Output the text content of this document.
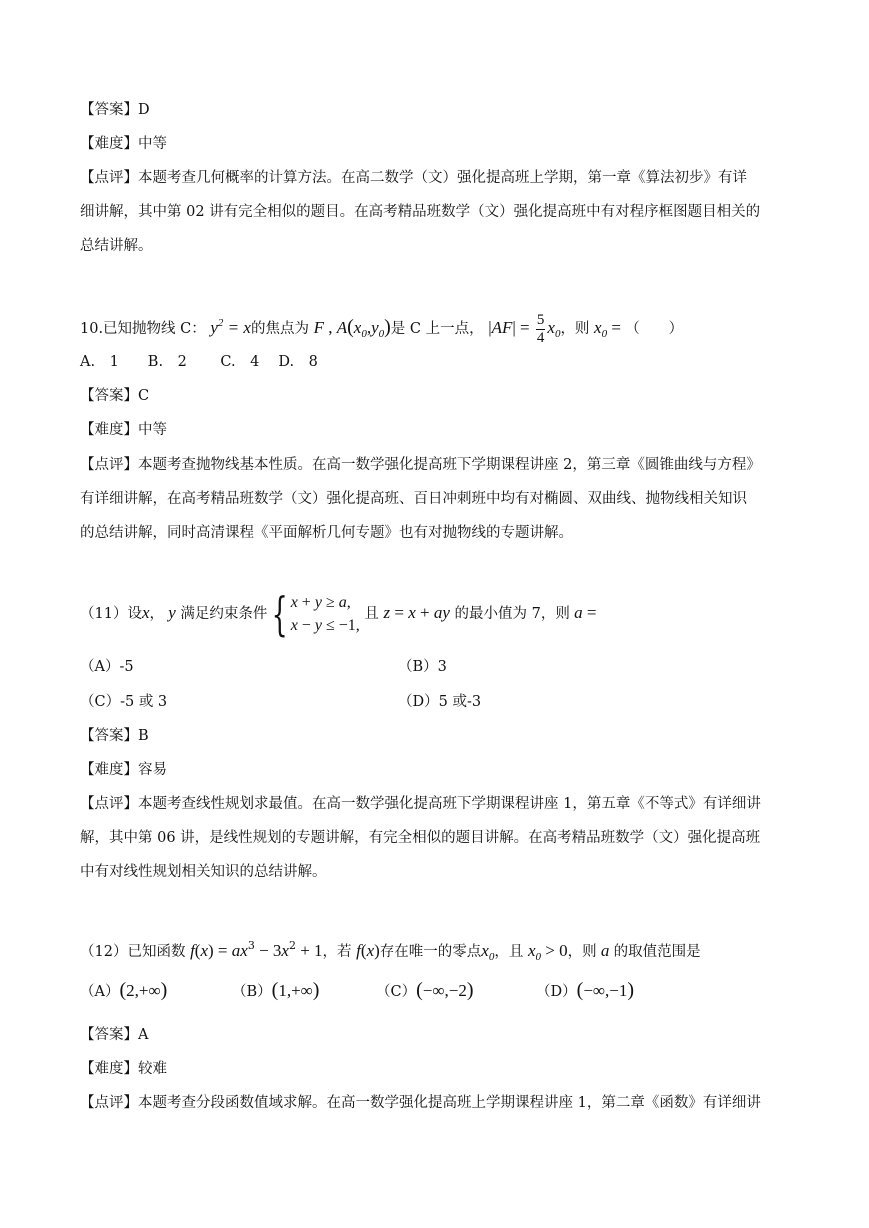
【答案】D
【难度】中等
【点评】本题考查几何概率的计算方法。在高二数学（文）强化提高班上学期，第一章《算法初步》有详
细讲解，其中第 02 讲有完全相似的题目。在高考精品班数学（文）强化提高班中有对程序框图题目相关的
总结讲解。
10.已知抛物线 C： $y^2 = x$的焦点为 F , $A(x_0,y_0)$是 C 上一点， $|AF| = \frac{5}{4} x_0$，则 $x_0$ = （　　）
A.　1　　B.　2　　 C.　4　 D.　8
【答案】C
【难度】中等
【点评】本题考查抛物线基本性质。在高一数学强化提高班下学期课程讲座 2，第三章《圆锥曲线与方程》
有详细讲解，在高考精品班数学（文）强化提高班、百日冲刺班中均有对椭圆、双曲线、抛物线相关知识
的总结讲解，同时高清课程《平面解析几何专题》也有对抛物线的专题讲解。
（11）设x， y 满足约束条件{ x + y ≥ a,
x − y ≤ −1,
且 z = x + ay 的最小值为 7，则 a =
（A）-5	（B）3
（C）-5 或 3	（D）5 或-3
【答案】B
【难度】容易
【点评】本题考查线性规划求最值。在高一数学强化提高班下学期课程讲座 1，第五章《不等式》有详细讲
解，其中第 06 讲，是线性规划的专题讲解，有完全相似的题目讲解。在高考精品班数学（文）强化提高班
中有对线性规划相关知识的总结讲解。
（12）已知函数 $f(x) = ax^3 - 3x^2 + 1$，若 f(x)存在唯一的零点$x_0$，且 $x_0 > 0$，则 a 的取值范围是
（A）(2,+∞)	（B）(1,+∞)	（C）(−∞,−2)	（D）(−∞,−1)
【答案】A
【难度】较难
【点评】本题考查分段函数值域求解。在高一数学强化提高班上学期课程讲座 1，第二章《函数》有详细讲
